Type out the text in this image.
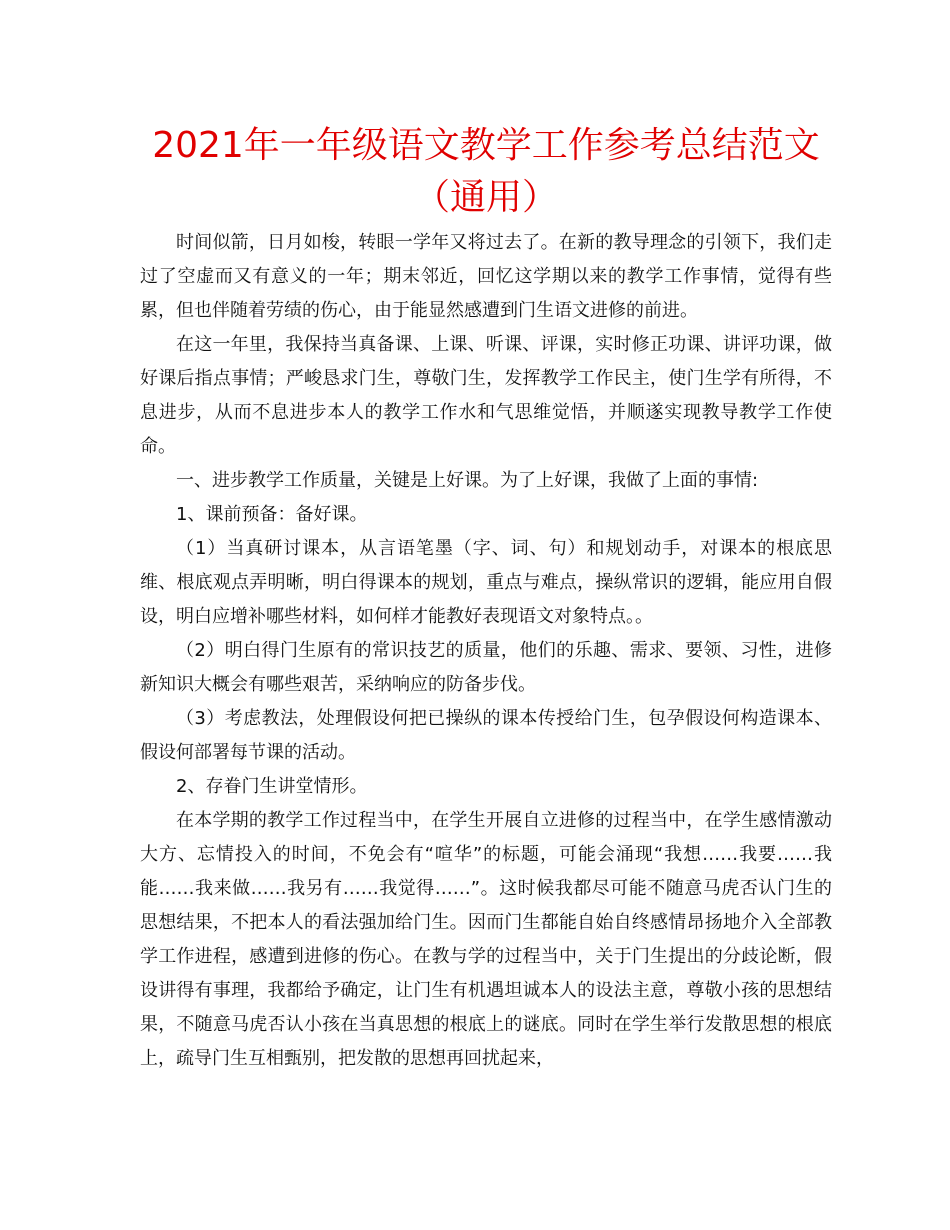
2021年一年级语文教学工作参考总结范文（通用）

时间似箭，日月如梭，转眼一学年又将过去了。在新的教导理念的引领下，我们走过了空虚而又有意义的一年；期末邻近，回忆这学期以来的教学工作事情，觉得有些累，但也伴随着劳绩的伤心，由于能显然感遭到门生语文进修的前进。

在这一年里，我保持当真备课、上课、听课、评课，实时修正功课、讲评功课，做好课后指点事情；严峻恳求门生，尊敬门生，发挥教学工作民主，使门生学有所得，不息进步，从而不息进步本人的教学工作水和气思维觉悟，并顺遂实现教导教学工作使命。

一、进步教学工作质量，关键是上好课。为了上好课，我做了上面的事情:

1、课前预备：备好课。

（1）当真研讨课本，从言语笔墨（字、词、句）和规划动手，对课本的根底思维、根底观点弄明晰，明白得课本的规划，重点与难点，操纵常识的逻辑，能应用自假设，明白应增补哪些材料，如何样才能教好表现语文对象特点。。

（2）明白得门生原有的常识技艺的质量，他们的乐趣、需求、要领、习性，进修新知识大概会有哪些艰苦，采纳响应的防备步伐。

（3）考虑教法，处理假设何把已操纵的课本传授给门生，包孕假设何构造课本、假设何部署每节课的活动。

2、存眷门生讲堂情形。

在本学期的教学工作过程当中，在学生开展自立进修的过程当中，在学生感情激动大方、忘情投入的时间，不免会有“喧华”的标题，可能会涌现“我想……我要……我能……我来做……我另有……我觉得……”。这时候我都尽可能不随意马虎否认门生的思想结果，不把本人的看法强加给门生。因而门生都能自始自终感情昂扬地介入全部教学工作进程，感遭到进修的伤心。在教与学的过程当中，关于门生提出的分歧论断，假设讲得有事理，我都给予确定，让门生有机遇坦诚本人的设法主意，尊敬小孩的思想结果，不随意马虎否认小孩在当真思想的根底上的谜底。同时在学生举行发散思想的根底上，疏导门生互相甄别，把发散的思想再回扰起来，
